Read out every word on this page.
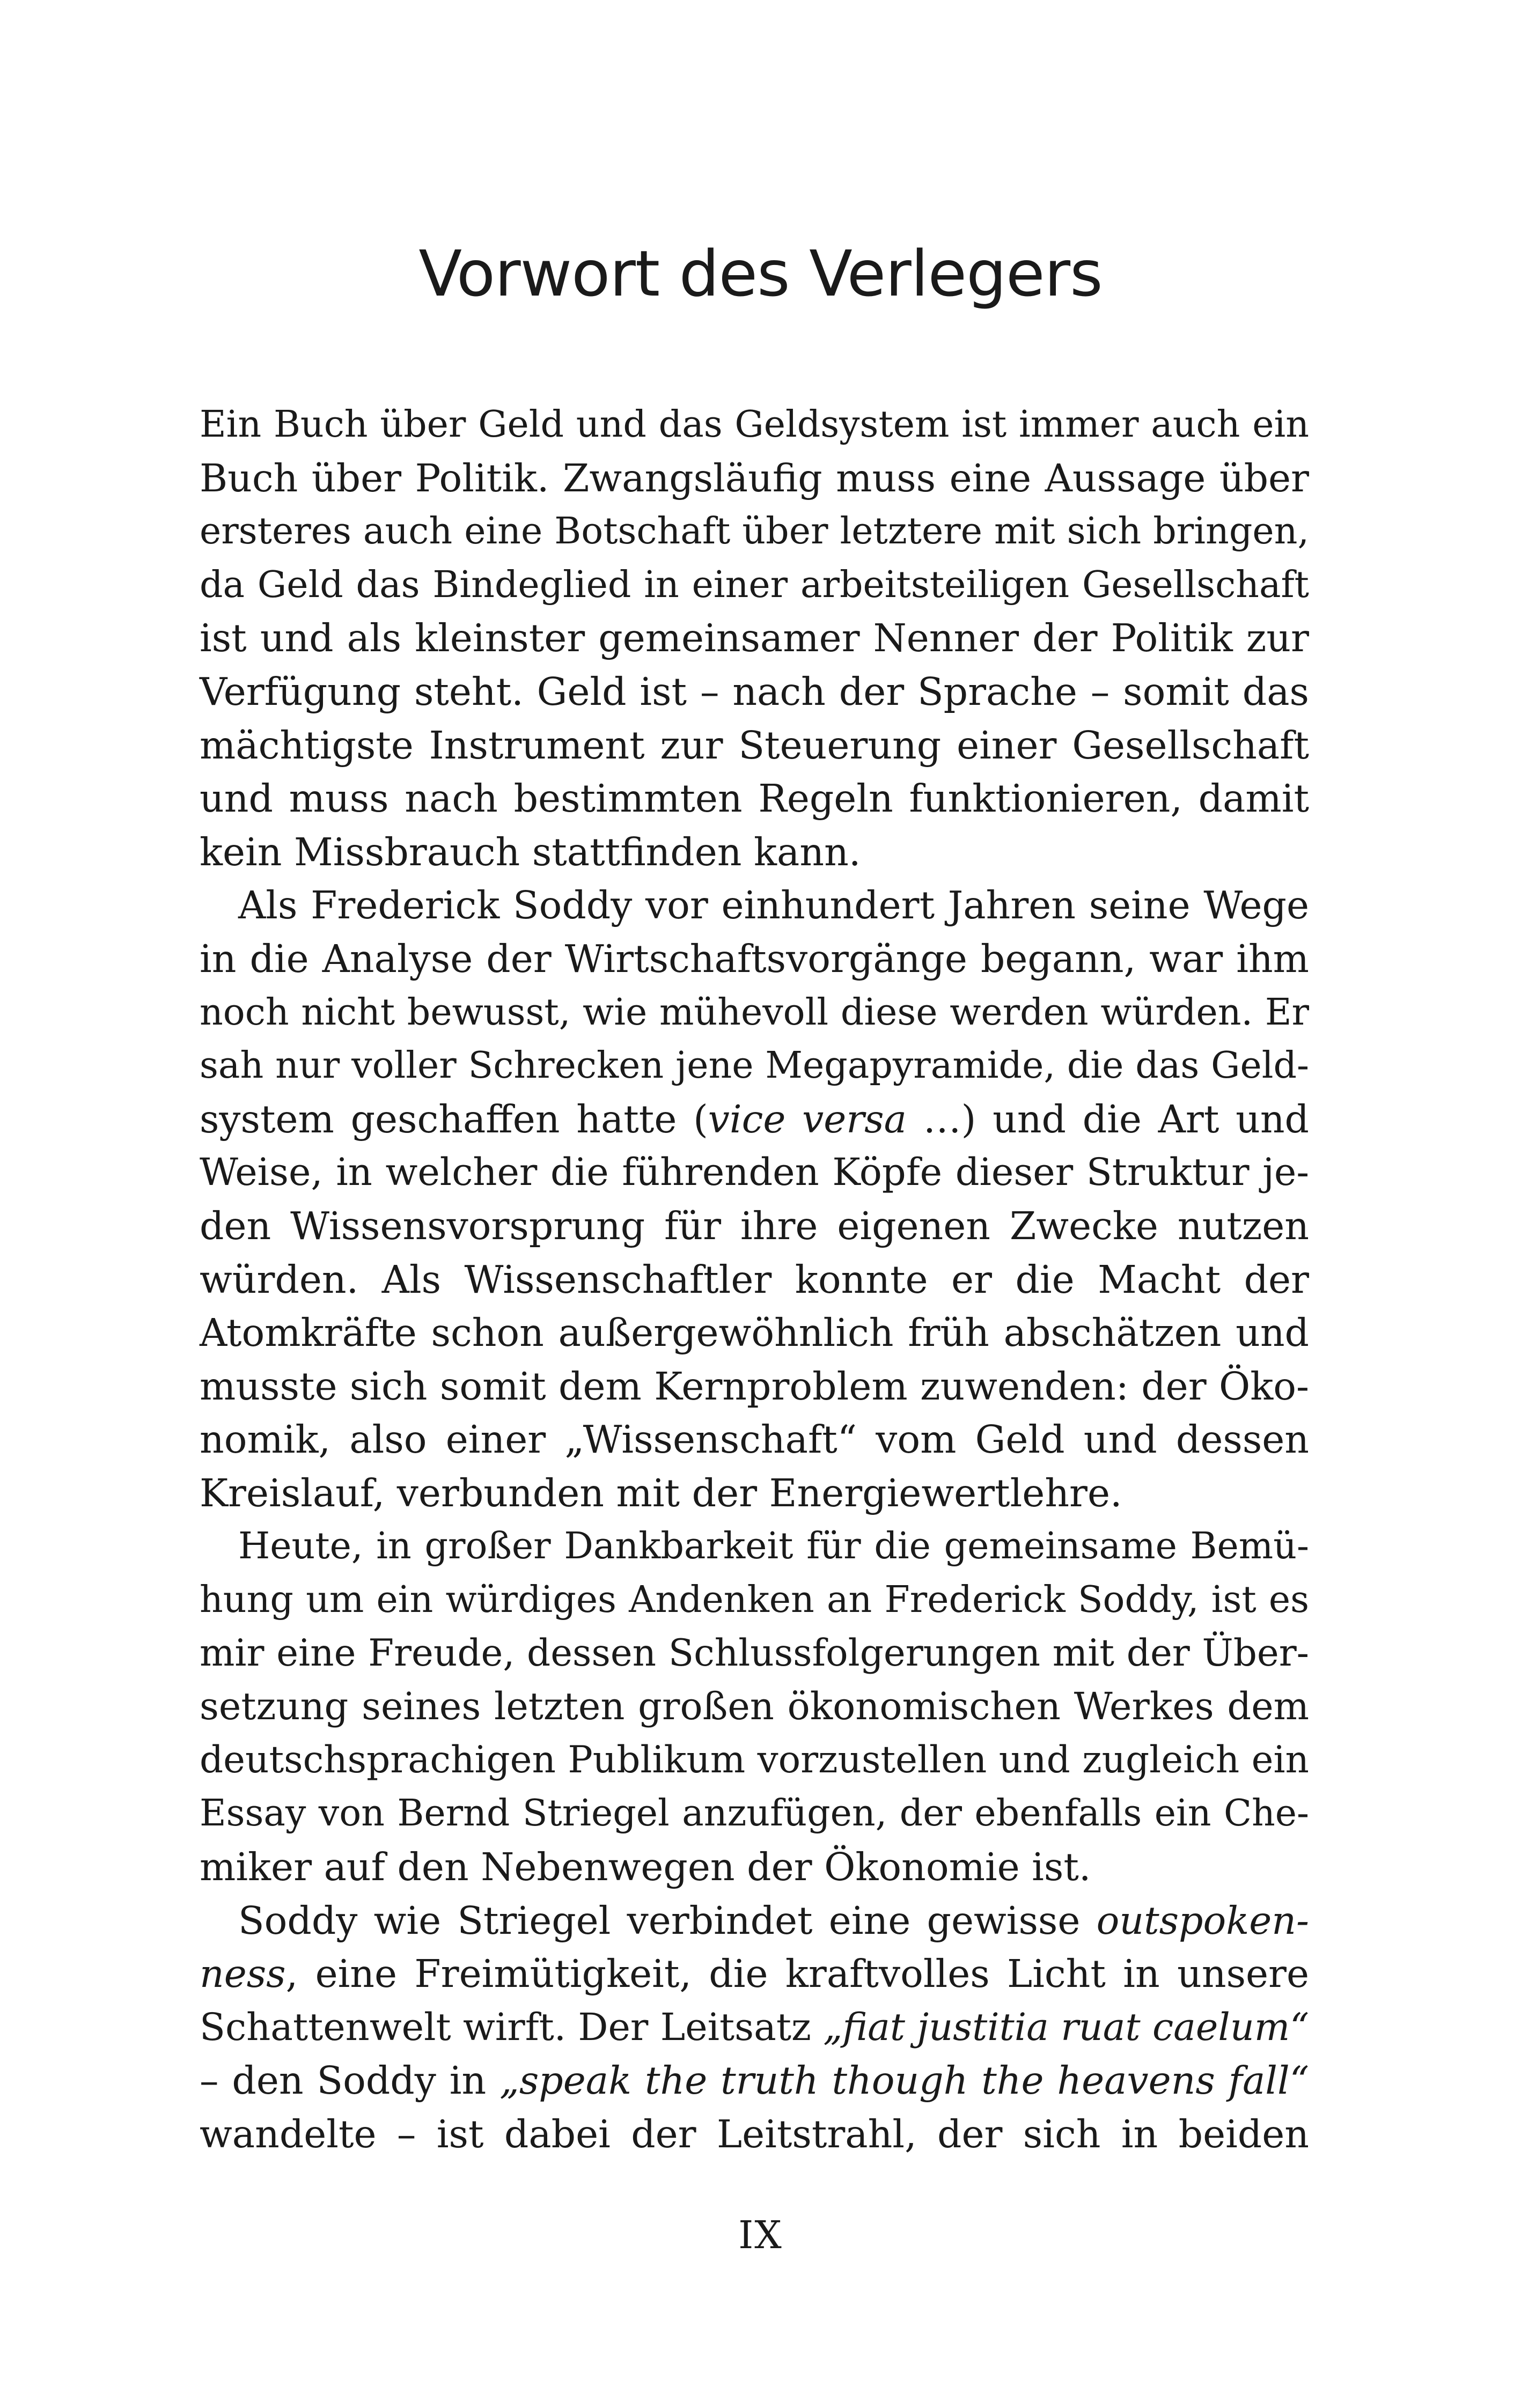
Vorwort des Verlegers
Ein Buch über Geld und das Geldsystem ist immer auch ein
Buch über Politik. Zwangsläufig muss eine Aussage über
ersteres auch eine Botschaft über letztere mit sich bringen,
da Geld das Bindeglied in einer arbeitsteiligen Gesellschaft
ist und als kleinster gemeinsamer Nenner der Politik zur
Verfügung steht. Geld ist – nach der Sprache – somit das
mächtigste Instrument zur Steuerung einer Gesellschaft
und muss nach bestimmten Regeln funktionieren, damit
kein Missbrauch stattfinden kann.
Als Frederick Soddy vor einhundert Jahren seine Wege
in die Analyse der Wirtschaftsvorgänge begann, war ihm
noch nicht bewusst, wie mühevoll diese werden würden. Er
sah nur voller Schrecken jene Megapyramide, die das Geld-
system geschaffen hatte (vice versa …) und die Art und
Weise, in welcher die führenden Köpfe dieser Struktur je-
den Wissensvorsprung für ihre eigenen Zwecke nutzen
würden. Als Wissenschaftler konnte er die Macht der
Atomkräfte schon außergewöhnlich früh abschätzen und
musste sich somit dem Kernproblem zuwenden: der Öko-
nomik, also einer „Wissenschaft“ vom Geld und dessen
Kreislauf, verbunden mit der Energiewertlehre.
Heute, in großer Dankbarkeit für die gemeinsame Bemü-
hung um ein würdiges Andenken an Frederick Soddy, ist es
mir eine Freude, dessen Schlussfolgerungen mit der Über-
setzung seines letzten großen ökonomischen Werkes dem
deutschsprachigen Publikum vorzustellen und zugleich ein
Essay von Bernd Striegel anzufügen, der ebenfalls ein Che-
miker auf den Nebenwegen der Ökonomie ist.
Soddy wie Striegel verbindet eine gewisse outspoken-
ness, eine Freimütigkeit, die kraftvolles Licht in unsere
Schattenwelt wirft. Der Leitsatz „fiat justitia ruat caelum“
– den Soddy in „speak the truth though the heavens fall“
wandelte – ist dabei der Leitstrahl, der sich in beiden
IX
